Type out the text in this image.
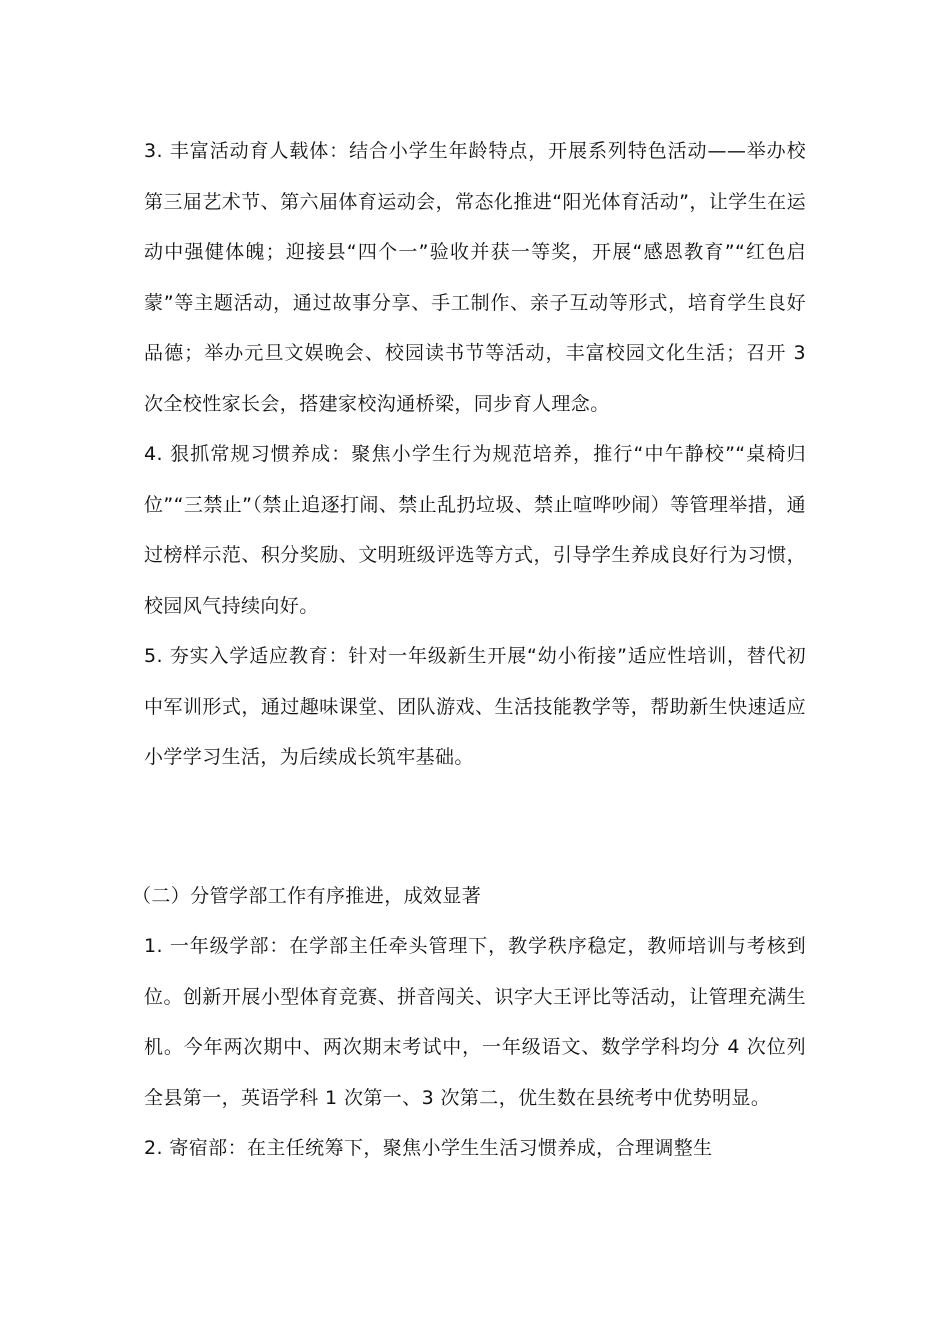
3. 丰富活动育人载体：结合小学生年龄特点，开展系列特色活动——举办校第三届艺术节、第六届体育运动会，常态化推进“阳光体育活动”，让学生在运动中强健体魄；迎接县“四个一”验收并获一等奖，开展“感恩教育”“红色启蒙”等主题活动，通过故事分享、手工制作、亲子互动等形式，培育学生良好品德；举办元旦文娱晚会、校园读书节等活动，丰富校园文化生活；召开 3 次全校性家长会，搭建家校沟通桥梁，同步育人理念。

4. 狠抓常规习惯养成：聚焦小学生行为规范培养，推行“中午静校”“桌椅归位”“三禁止”（禁止追逐打闹、禁止乱扔垃圾、禁止喧哗吵闹）等管理举措，通过榜样示范、积分奖励、文明班级评选等方式，引导学生养成良好行为习惯，校园风气持续向好。

5. 夯实入学适应教育：针对一年级新生开展“幼小衔接”适应性培训，替代初中军训形式，通过趣味课堂、团队游戏、生活技能教学等，帮助新生快速适应小学学习生活，为后续成长筑牢基础。

（二）分管学部工作有序推进，成效显著

1. 一年级学部：在学部主任牵头管理下，教学秩序稳定，教师培训与考核到位。创新开展小型体育竞赛、拼音闯关、识字大王评比等活动，让管理充满生机。今年两次期中、两次期末考试中，一年级语文、数学学科均分 4 次位列全县第一，英语学科 1 次第一、3 次第二，优生数在县统考中优势明显。

2. 寄宿部：在主任统筹下，聚焦小学生生活习惯养成，合理调整生
